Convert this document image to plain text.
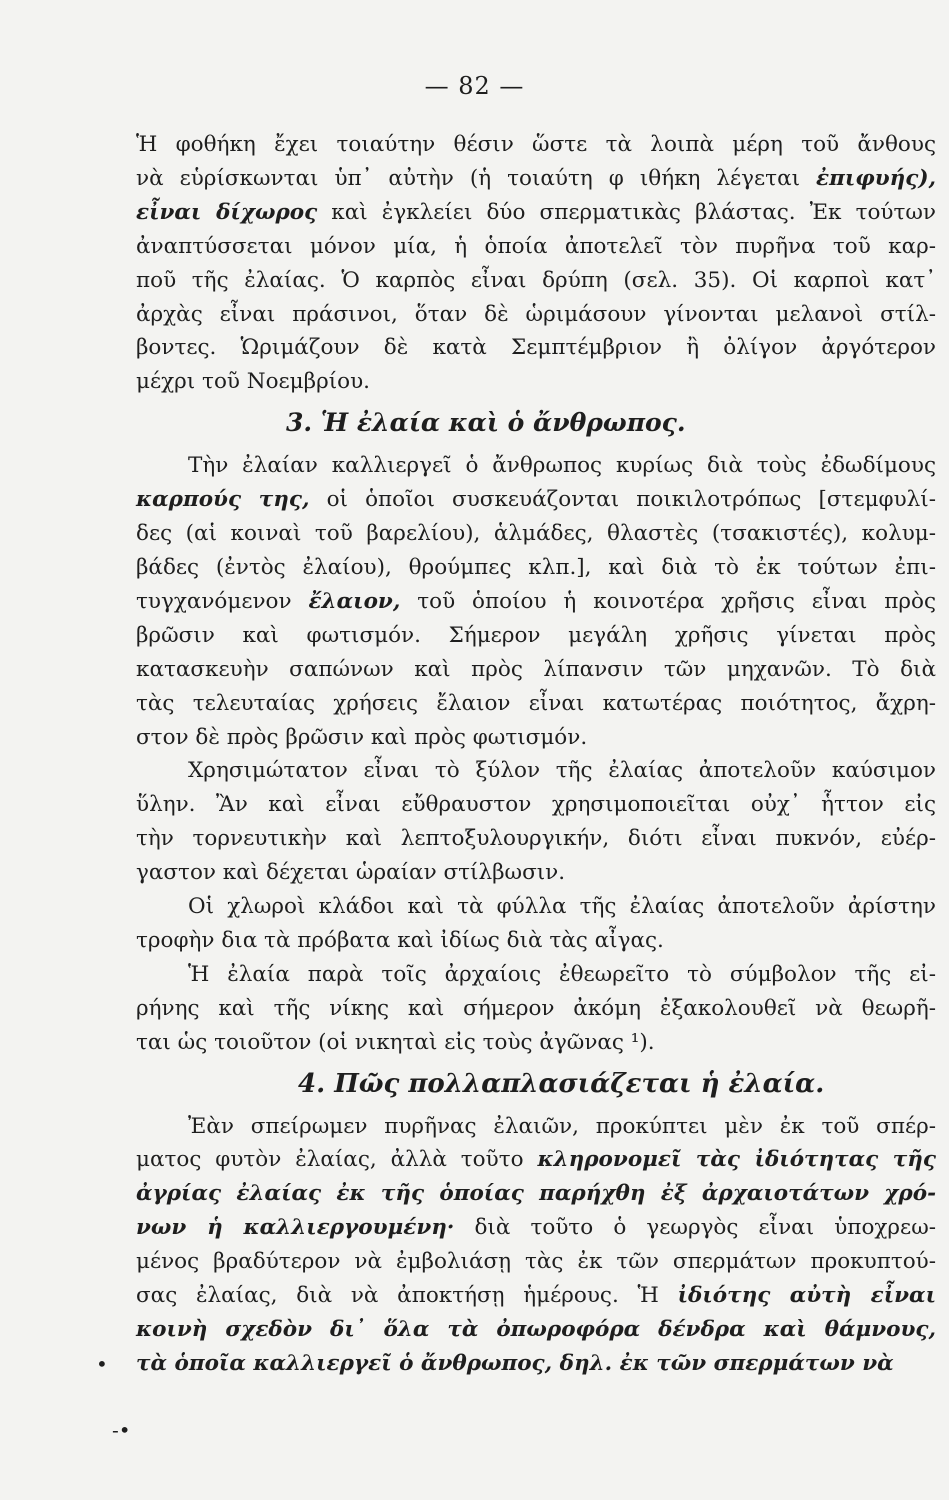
— 82 —
•
-•
Ἡ φοθήκη ἔχει τοιαύτην θέσιν ὥστε τὰ λοιπὰ μέρη τοῦ ἄνθους
νὰ εὑρίσκωνται ὑπ᾽ αὐτὴν (ἡ τοιαύτη φ ιθήκη λέγεται ἐπιφυής),
εἶναι δίχωρος καὶ ἐγκλείει δύο σπερματικὰς βλάστας. Ἐκ τούτων
ἀναπτύσσεται μόνον μία, ἡ ὁποία ἀποτελεῖ τὸν πυρῆνα τοῦ καρ-
ποῦ τῆς ἐλαίας. Ὁ καρπὸς εἶναι δρύπη (σελ. 35). Οἱ καρποὶ κατ᾽
ἀρχὰς εἶναι πράσινοι, ὅταν δὲ ὡριμάσουν γίνονται μελανοὶ στίλ-
βοντες. Ὡριμάζουν δὲ κατὰ Σεμπτέμβριον ἢ ὀλίγον ἀργότερον
μέχρι τοῦ Νοεμβρίου.
3. Ἡ ἐλαία καὶ ὁ ἄνθρωπος.
Τὴν ἐλαίαν καλλιεργεῖ ὁ ἄνθρωπος κυρίως διὰ τοὺς ἐδωδίμους
καρπούς της, οἱ ὁποῖοι συσκευάζονται ποικιλοτρόπως [στεμφυλί-
δες (αἱ κοιναὶ τοῦ βαρελίου), ἁλμάδες, θλαστὲς (τσακιστές), κολυμ-
βάδες (ἐντὸς ἐλαίου), θρούμπες κλπ.], καὶ διὰ τὸ ἐκ τούτων ἐπι-
τυγχανόμενον ἔλαιον, τοῦ ὁποίου ἡ κοινοτέρα χρῆσις εἶναι πρὸς
βρῶσιν καὶ φωτισμόν. Σήμερον μεγάλη χρῆσις γίνεται πρὸς
κατασκευὴν σαπώνων καὶ πρὸς λίπανσιν τῶν μηχανῶν. Τὸ διὰ
τὰς τελευταίας χρήσεις ἔλαιον εἶναι κατωτέρας ποιότητος, ἄχρη-
στον δὲ πρὸς βρῶσιν καὶ πρὸς φωτισμόν.
Χρησιμώτατον εἶναι τὸ ξύλον τῆς ἐλαίας ἀποτελοῦν καύσιμον
ὕλην. Ἂν καὶ εἶναι εὔθραυστον χρησιμοποιεῖται οὐχ᾽ ἧττον εἰς
τὴν τορνευτικὴν καὶ λεπτοξυλουργικήν, διότι εἶναι πυκνόν, εὐέρ-
γαστον καὶ δέχεται ὡραίαν στίλβωσιν.
Οἱ χλωροὶ κλάδοι καὶ τὰ φύλλα τῆς ἐλαίας ἀποτελοῦν ἀρίστην
τροφὴν δια τὰ πρόβατα καὶ ἰδίως διὰ τὰς αἶγας.
Ἡ ἐλαία παρὰ τοῖς ἀρχαίοις ἐθεωρεῖτο τὸ σύμβολον τῆς εἰ-
ρήνης καὶ τῆς νίκης καὶ σήμερον ἀκόμη ἐξακολουθεῖ νὰ θεωρῆ-
ται ὡς τοιοῦτον (οἱ νικηταὶ εἰς τοὺς ἀγῶνας ¹).
4. Πῶς πολλαπλασιάζεται ἡ ἐλαία.
Ἐὰν σπείρωμεν πυρῆνας ἐλαιῶν, προκύπτει μὲν ἐκ τοῦ σπέρ-
ματος φυτὸν ἐλαίας, ἀλλὰ τοῦτο κληρονομεῖ τὰς ἰδιότητας τῆς
ἀγρίας ἐλαίας ἐκ τῆς ὁποίας παρήχθη ἐξ ἀρχαιοτάτων χρό-
νων ἡ καλλιεργουμένη· διὰ τοῦτο ὁ γεωργὸς εἶναι ὑποχρεω-
μένος βραδύτερον νὰ ἐμβολιάσῃ τὰς ἐκ τῶν σπερμάτων προκυπτού-
σας ἐλαίας, διὰ νὰ ἀποκτήσῃ ἡμέρους. Ἡ ἰδιότης αὐτὴ εἶναι
κοινὴ σχεδὸν δι᾽ ὅλα τὰ ὀπωροφόρα δένδρα καὶ θάμνους,
τὰ ὁποῖα καλλιεργεῖ ὁ ἄνθρωπος, δηλ. ἐκ τῶν σπερμάτων νὰ
